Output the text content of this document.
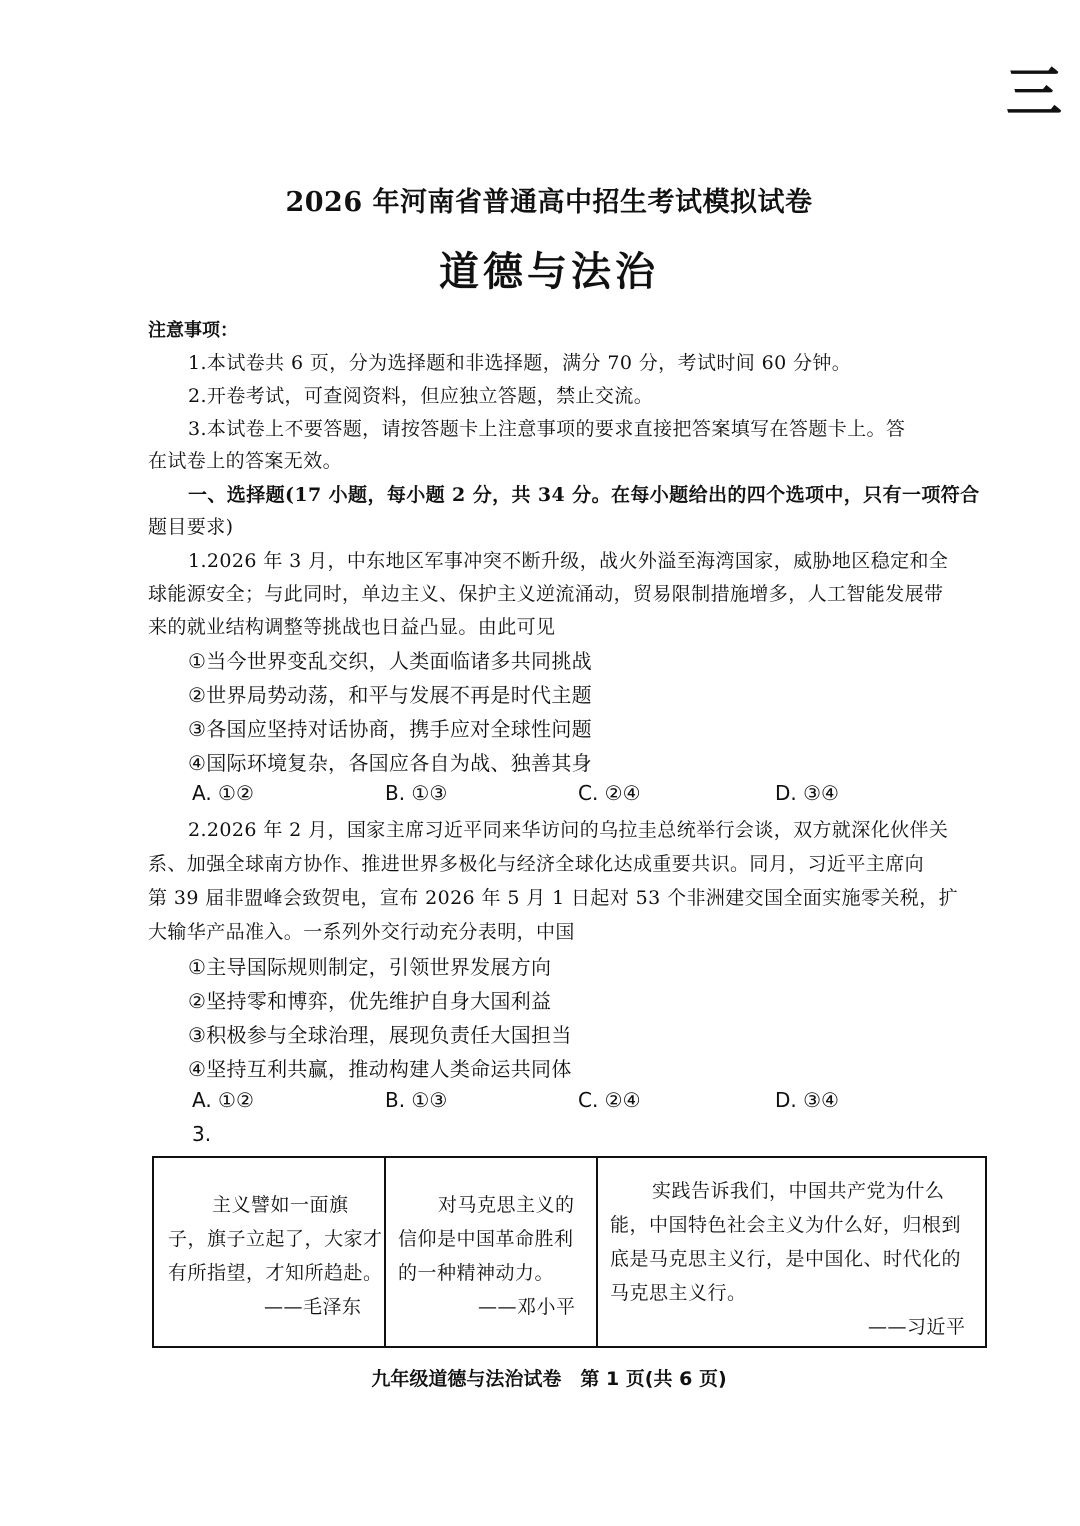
三
2026 年河南省普通高中招生考试模拟试卷
道德与法治
注意事项：
1.本试卷共 6 页，分为选择题和非选择题，满分 70 分，考试时间 60 分钟。
2.开卷考试，可查阅资料，但应独立答题，禁止交流。
3.本试卷上不要答题，请按答题卡上注意事项的要求直接把答案填写在答题卡上。答
在试卷上的答案无效。
一、选择题(17 小题，每小题 2 分，共 34 分。在每小题给出的四个选项中，只有一项符合
题目要求)
1.2026 年 3 月，中东地区军事冲突不断升级，战火外溢至海湾国家，威胁地区稳定和全
球能源安全；与此同时，单边主义、保护主义逆流涌动，贸易限制措施增多，人工智能发展带
来的就业结构调整等挑战也日益凸显。由此可见
①当今世界变乱交织，人类面临诸多共同挑战
②世界局势动荡，和平与发展不再是时代主题
③各国应坚持对话协商，携手应对全球性问题
④国际环境复杂，各国应各自为战、独善其身
A. ①②	B. ①③	C. ②④	D. ③④
2.2026 年 2 月，国家主席习近平同来华访问的乌拉圭总统举行会谈，双方就深化伙伴关
系、加强全球南方协作、推进世界多极化与经济全球化达成重要共识。同月，习近平主席向
第 39 届非盟峰会致贺电，宣布 2026 年 5 月 1 日起对 53 个非洲建交国全面实施零关税，扩
大输华产品准入。一系列外交行动充分表明，中国
①主导国际规则制定，引领世界发展方向
②坚持零和博弈，优先维护自身大国利益
③积极参与全球治理，展现负责任大国担当
④坚持互利共赢，推动构建人类命运共同体
A. ①②	B. ①③	C. ②④	D. ③④
3.
主义譬如一面旗
子，旗子立起了，大家才
有所指望，才知所趋赴。
——毛泽东
对马克思主义的
信仰是中国革命胜利
的一种精神动力。
——邓小平
实践告诉我们，中国共产党为什么
能，中国特色社会主义为什么好，归根到
底是马克思主义行，是中国化、时代化的
马克思主义行。
——习近平
九年级道德与法治试卷　第 1 页(共 6 页)
